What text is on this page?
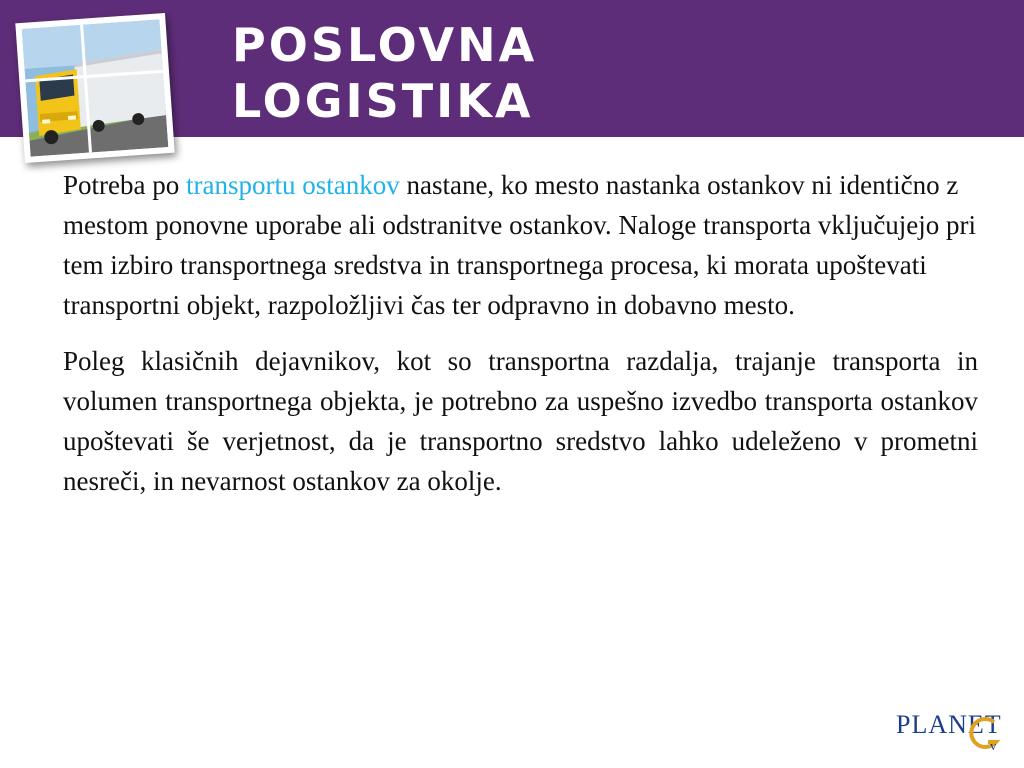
POSLOVNA
LOGISTIKA

Potreba po transportu ostankov nastane, ko mesto nastanka ostankov ni identično z mestom ponovne uporabe ali odstranitve ostankov. Naloge transporta vključujejo pri tem izbiro transportnega sredstva in transportnega procesa, ki morata upoštevati transportni objekt, razpoložljivi čas ter odpravno in dobavno mesto.

Poleg klasičnih dejavnikov, kot so transportna razdalja, trajanje transporta in volumen transportnega objekta, je potrebno za uspešno izvedbo transporta ostankov upoštevati še verjetnost, da je transportno sredstvo lahko udeleženo v prometni nesreči, in nevarnost ostankov za okolje.

PLANET
v
